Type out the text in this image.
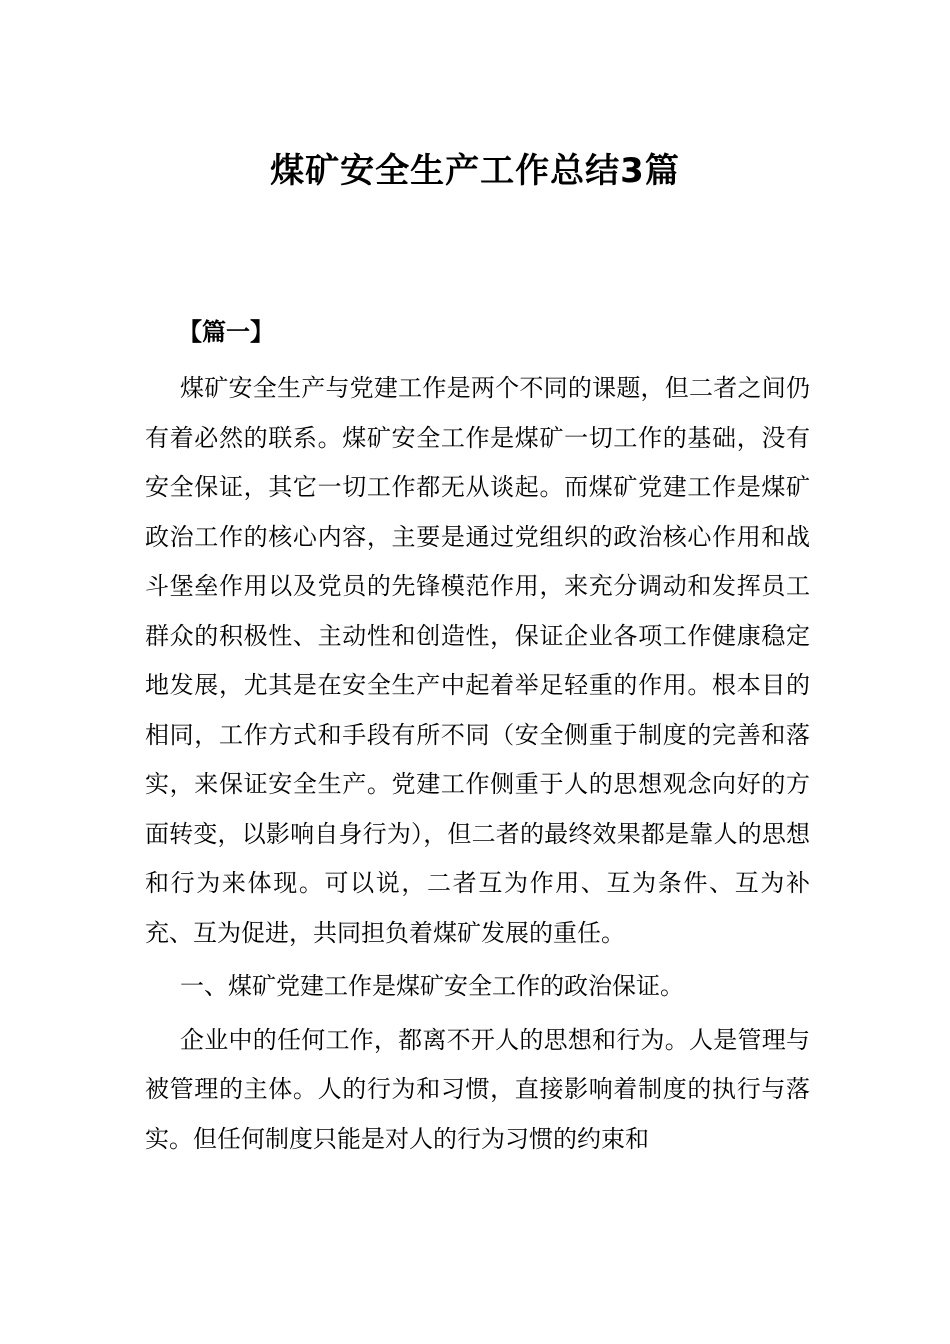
煤矿安全生产工作总结3篇
【篇一】

煤矿安全生产与党建工作是两个不同的课题，但二者之间仍有着必然的联系。煤矿安全工作是煤矿一切工作的基础，没有安全保证，其它一切工作都无从谈起。而煤矿党建工作是煤矿政治工作的核心内容，主要是通过党组织的政治核心作用和战斗堡垒作用以及党员的先锋模范作用，来充分调动和发挥员工群众的积极性、主动性和创造性，保证企业各项工作健康稳定地发展，尤其是在安全生产中起着举足轻重的作用。根本目的相同，工作方式和手段有所不同（安全侧重于制度的完善和落实，来保证安全生产。党建工作侧重于人的思想观念向好的方面转变，以影响自身行为），但二者的最终效果都是靠人的思想和行为来体现。可以说，二者互为作用、互为条件、互为补充、互为促进，共同担负着煤矿发展的重任。

一、煤矿党建工作是煤矿安全工作的政治保证。

企业中的任何工作，都离不开人的思想和行为。人是管理与被管理的主体。人的行为和习惯，直接影响着制度的执行与落实。但任何制度只能是对人的行为习惯的约束和
